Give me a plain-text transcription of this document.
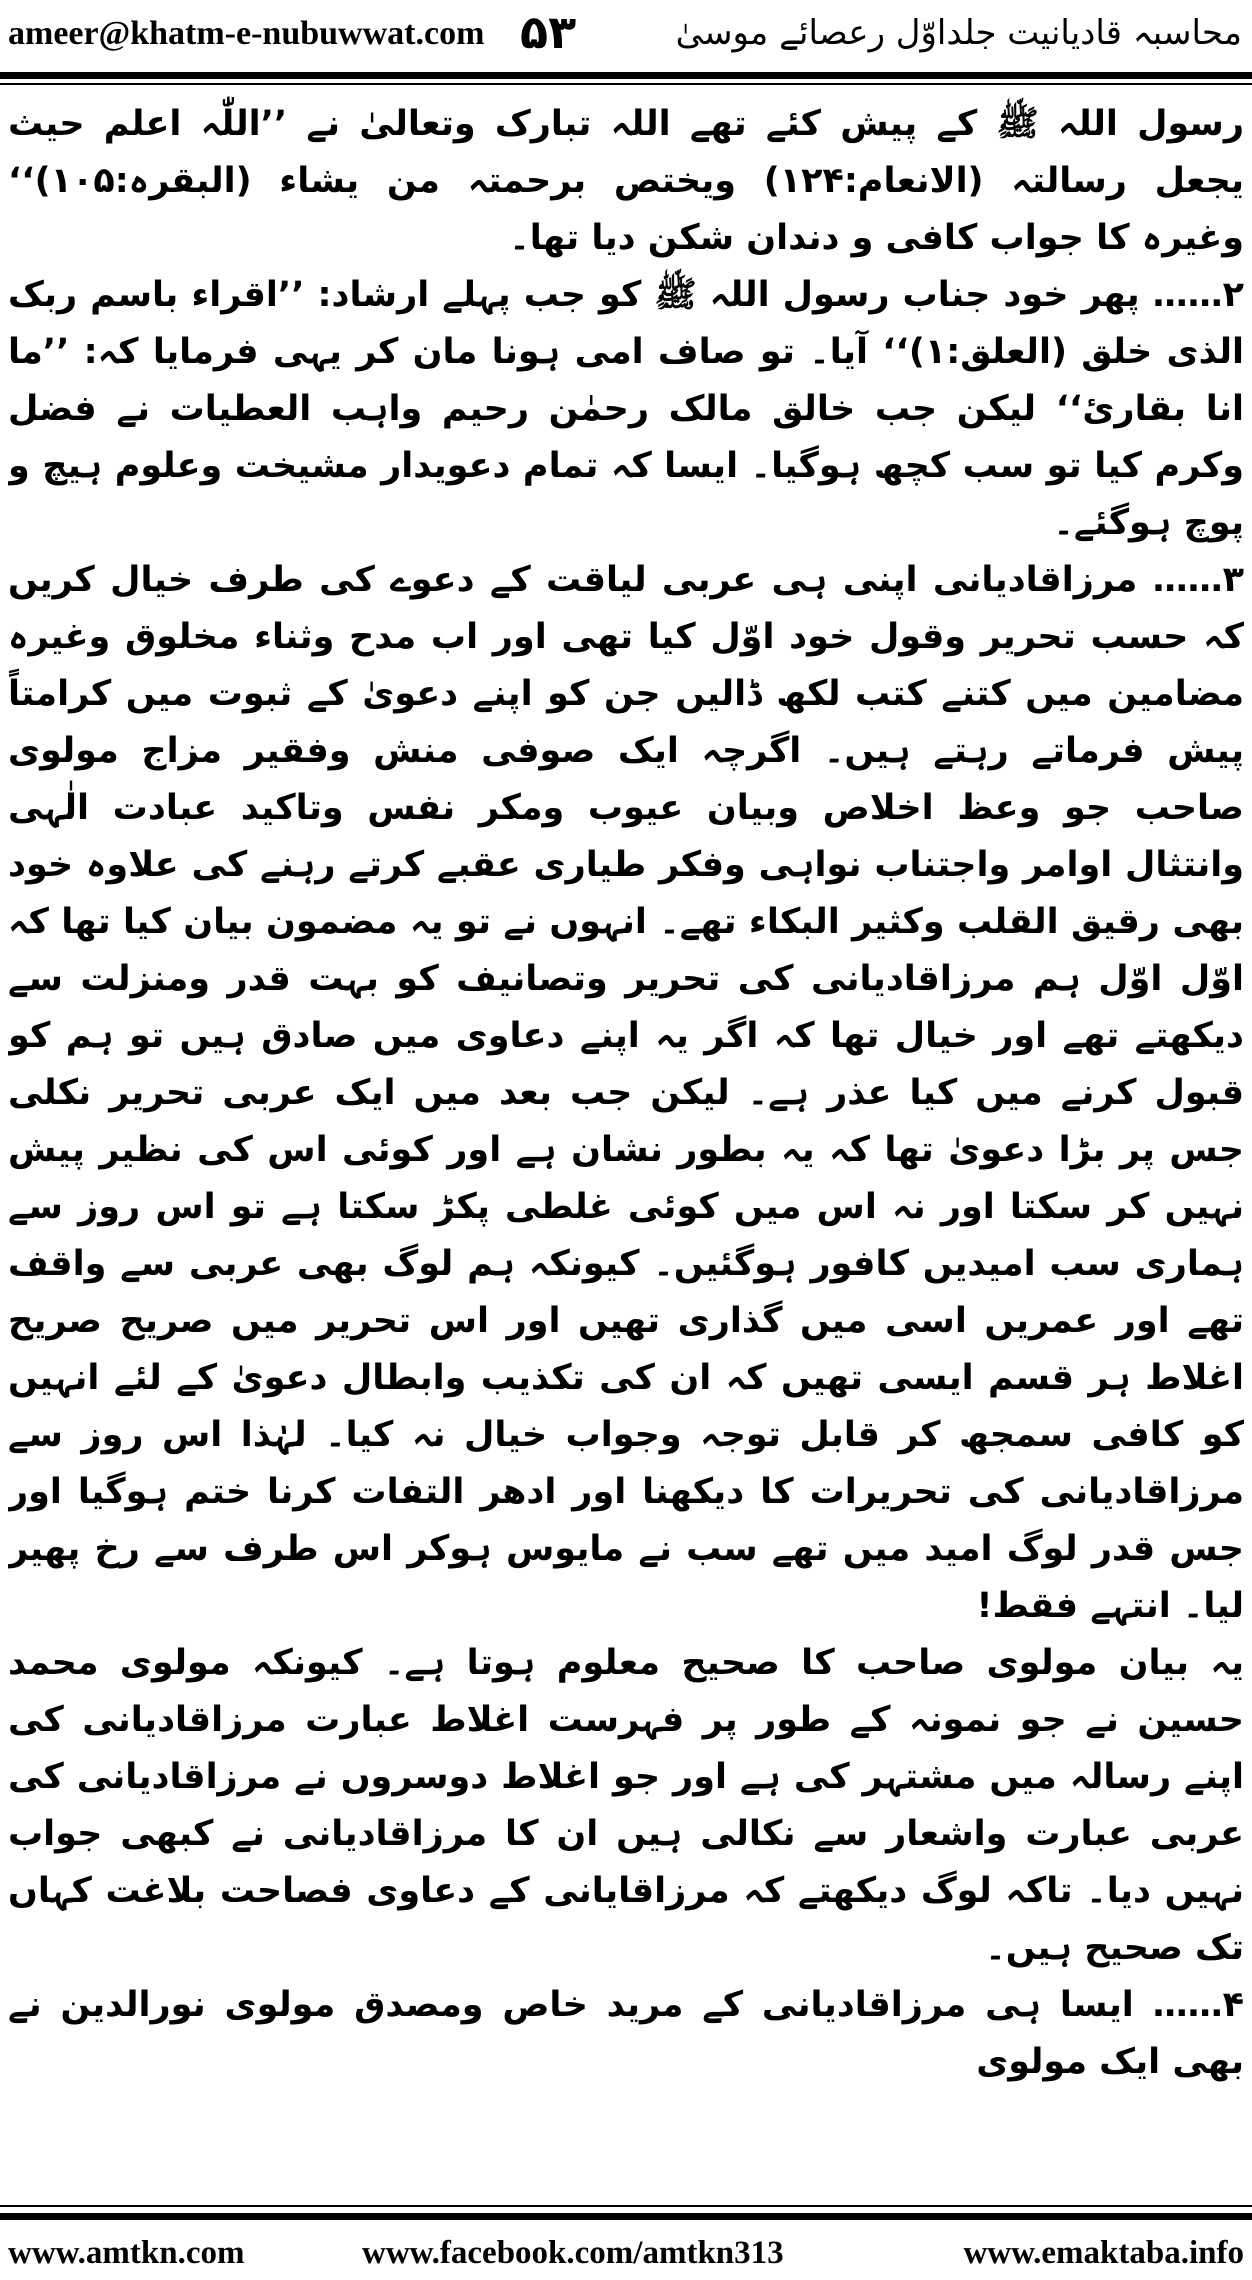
ameer@khatm-e-nubuwwat.com ۵۳	محاسبہ قادیانیت جلداوّل رعصائے موسیٰ

رسول اللہ ﷺ کے پیش کئے تھے اللہ تبارک وتعالیٰ نے ’’اللّٰہ اعلم حیث یجعل رسالتہ (الانعام:۱۲۴) ویختص برحمتہ من یشاء (البقرہ:۱۰۵)‘‘ وغیرہ کا جواب کافی و دندان شکن دیا تھا۔

۲…… پھر خود جناب رسول اللہ ﷺ کو جب پہلے ارشاد: ’’اقراء باسم ربک الذی خلق (العلق:۱)‘‘ آیا۔ تو صاف امی ہونا مان کر یہی فرمایا کہ: ’’ما انا بقاریٔ‘‘ لیکن جب خالق مالک رحمٰن رحیم واہب العطیات نے فضل وکرم کیا تو سب کچھ ہوگیا۔ ایسا کہ تمام دعویدار مشیخت وعلوم ہیچ و پوچ ہوگئے۔

۳…… مرزاقادیانی اپنی ہی عربی لیاقت کے دعوے کی طرف خیال کریں کہ حسب تحریر وقول خود اوّل کیا تھی اور اب مدح وثناء مخلوق وغیرہ مضامین میں کتنے کتب لکھ ڈالیں جن کو اپنے دعویٰ کے ثبوت میں کرامتاً پیش فرماتے رہتے ہیں۔ اگرچہ ایک صوفی منش وفقیر مزاج مولوی صاحب جو وعظ اخلاص وبیان عیوب ومکر نفس وتاکید عبادت الٰہی وانتثال اوامر واجتناب نواہی وفکر طیاری عقبے کرتے رہنے کی علاوہ خود بھی رقیق القلب وکثیر البکاء تھے۔ انہوں نے تو یہ مضمون بیان کیا تھا کہ اوّل اوّل ہم مرزاقادیانی کی تحریر وتصانیف کو بہت قدر ومنزلت سے دیکھتے تھے اور خیال تھا کہ اگر یہ اپنے دعاوی میں صادق ہیں تو ہم کو قبول کرنے میں کیا عذر ہے۔ لیکن جب بعد میں ایک عربی تحریر نکلی جس پر بڑا دعویٰ تھا کہ یہ بطور نشان ہے اور کوئی اس کی نظیر پیش نہیں کر سکتا اور نہ اس میں کوئی غلطی پکڑ سکتا ہے تو اس روز سے ہماری سب امیدیں کافور ہوگئیں۔ کیونکہ ہم لوگ بھی عربی سے واقف تھے اور عمریں اسی میں گذاری تھیں اور اس تحریر میں صریح صریح اغلاط ہر قسم ایسی تھیں کہ ان کی تکذیب وابطال دعویٰ کے لئے انہیں کو کافی سمجھ کر قابل توجہ وجواب خیال نہ کیا۔ لہٰذا اس روز سے مرزاقادیانی کی تحریرات کا دیکھنا اور ادھر التفات کرنا ختم ہوگیا اور جس قدر لوگ امید میں تھے سب نے مایوس ہوکر اس طرف سے رخ پھیر لیا۔ انتہے فقط!

یہ بیان مولوی صاحب کا صحیح معلوم ہوتا ہے۔ کیونکہ مولوی محمد حسین نے جو نمونہ کے طور پر فہرست اغلاط عبارت مرزاقادیانی کی اپنے رسالہ میں مشتہر کی ہے اور جو اغلاط دوسروں نے مرزاقادیانی کی عربی عبارت واشعار سے نکالی ہیں ان کا مرزاقادیانی نے کبھی جواب نہیں دیا۔ تاکہ لوگ دیکھتے کہ مرزاقایانی کے دعاوی فصاحت بلاغت کہاں تک صحیح ہیں۔

۴…… ایسا ہی مرزاقادیانی کے مرید خاص ومصدق مولوی نورالدین نے بھی ایک مولوی

www.amtkn.com	www.facebook.com/amtkn313	www.emaktaba.info
